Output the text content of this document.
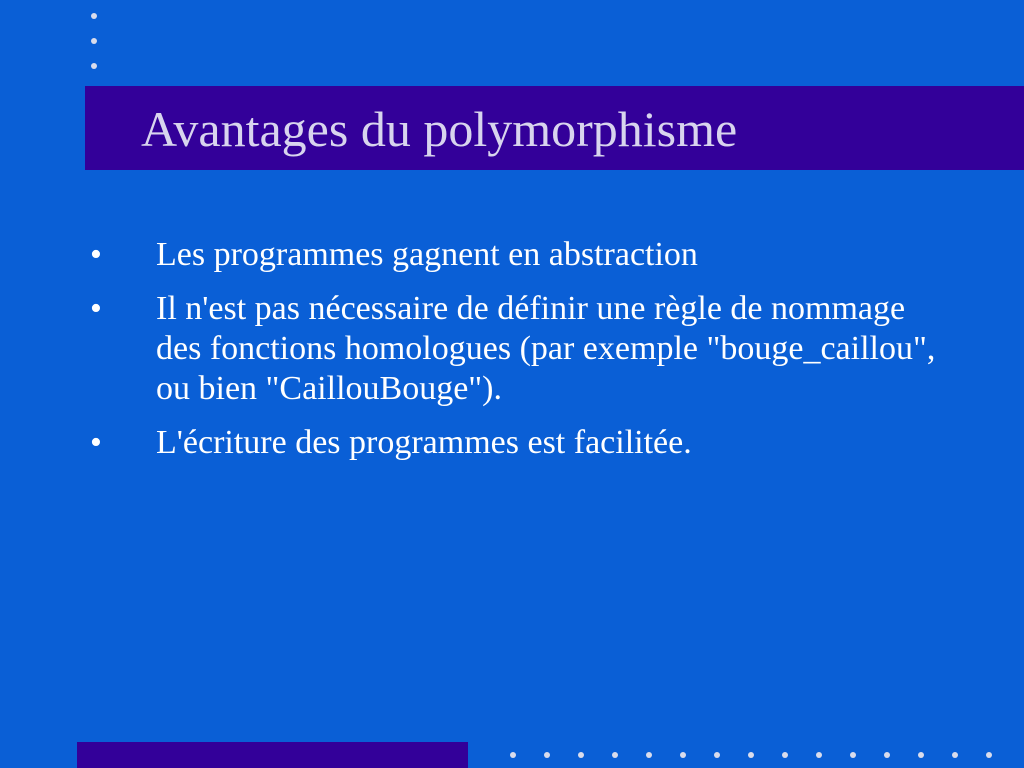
Avantages du polymorphisme
• Les programmes gagnent en abstraction
• Il n'est pas nécessaire de définir une règle de nommage des fonctions homologues (par exemple "bouge_caillou", ou bien "CaillouBouge").
• L'écriture des programmes est facilitée.
